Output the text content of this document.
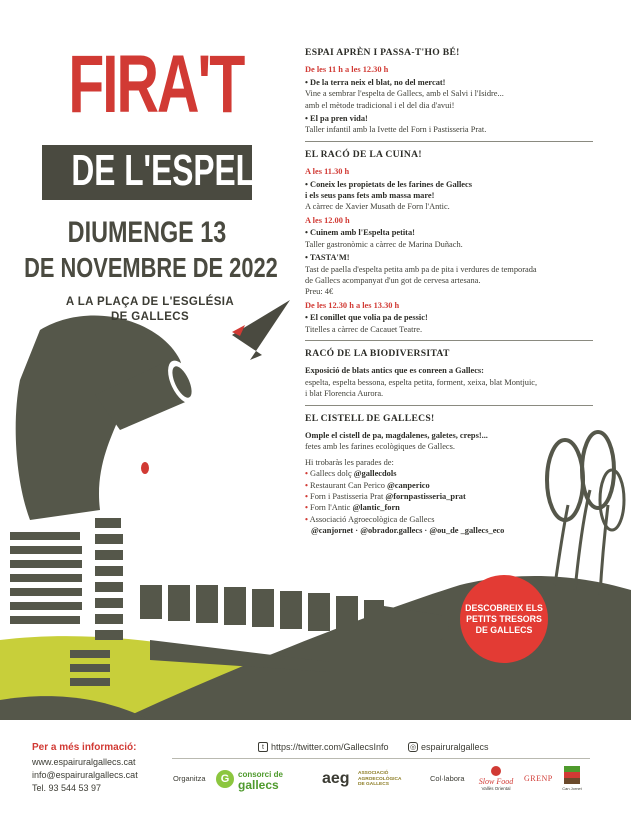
FIRA'T
DE L'ESPELTA
DIUMENGE 13
DE NOVEMBRE DE 2022
A LA PLAÇA DE L'ESGLÉSIA
DE GALLECS
DESCOBREIX ELS
PETITS TRESORS
DE GALLECS
ESPAI APRÈN I PASSA-T'HO BÉ!
De les 11 h a les 12.30 h
• De la terra neix el blat, no del mercat!
Vine a sembrar l'espelta de Gallecs, amb el Salvi i l'Isidre...
amb el mètode tradicional i el del dia d'avui!
• El pa pren vida!
Taller infantil amb la Ivette del Forn i Pastisseria Prat.
EL RACÓ DE LA CUINA!
A les 11.30 h
• Coneix les propietats de les farines de Gallecs
i els seus pans fets amb massa mare!
A càrrec de Xavier Musath de Forn l'Antic.
A les 12.00 h
• Cuinem amb l'Espelta petita!
Taller gastronòmic a càrrec de Marina Duñach.
• TASTA'M!
Tast de paella d'espelta petita amb pa de pita i verdures de temporada
de Gallecs acompanyat d'un got de cervesa artesana.
Preu: 4€
De les 12.30 h a les 13.30 h
• El conillet que volia pa de pessic!
Titelles a càrrec de Cacauet Teatre.
RACÓ DE LA BIODIVERSITAT
Exposició de blats antics que es conreen a Gallecs:
espelta, espelta bessona, espelta petita, forment, xeixa, blat Montjuic,
i blat Florencia Aurora.
EL CISTELL DE GALLECS!
Omple el cistell de pa, magdalenes, galetes, creps!...
fetes amb les farines ecològiques de Gallecs.
Hi trobaràs les parades de:
• Gallecs dolç @gallecdols
• Restaurant Can Perico @canperico
• Forn i Pastisseria Prat @fornpastisseria_prat
• Forn l'Antic @lantic_forn
• Associació Agroecològica de Gallecs
@canjornet · @obrador.gallecs · @ou_de _gallecs_eco
Per a més informació:
www.espairuralgallecs.cat
info@espairuralgallecs.cat
Tel. 93 544 53 97
t https://twitter.com/GallecsInfo	◎ espairuralgallecs
Organitza	G	consorci de
gallecs	aeg ASSOCIACIÓ AGROECOLÒGICA DE GALLECS
Col·labora	Slow Food
Vallès Oriental
GRENP
Can Jornet
